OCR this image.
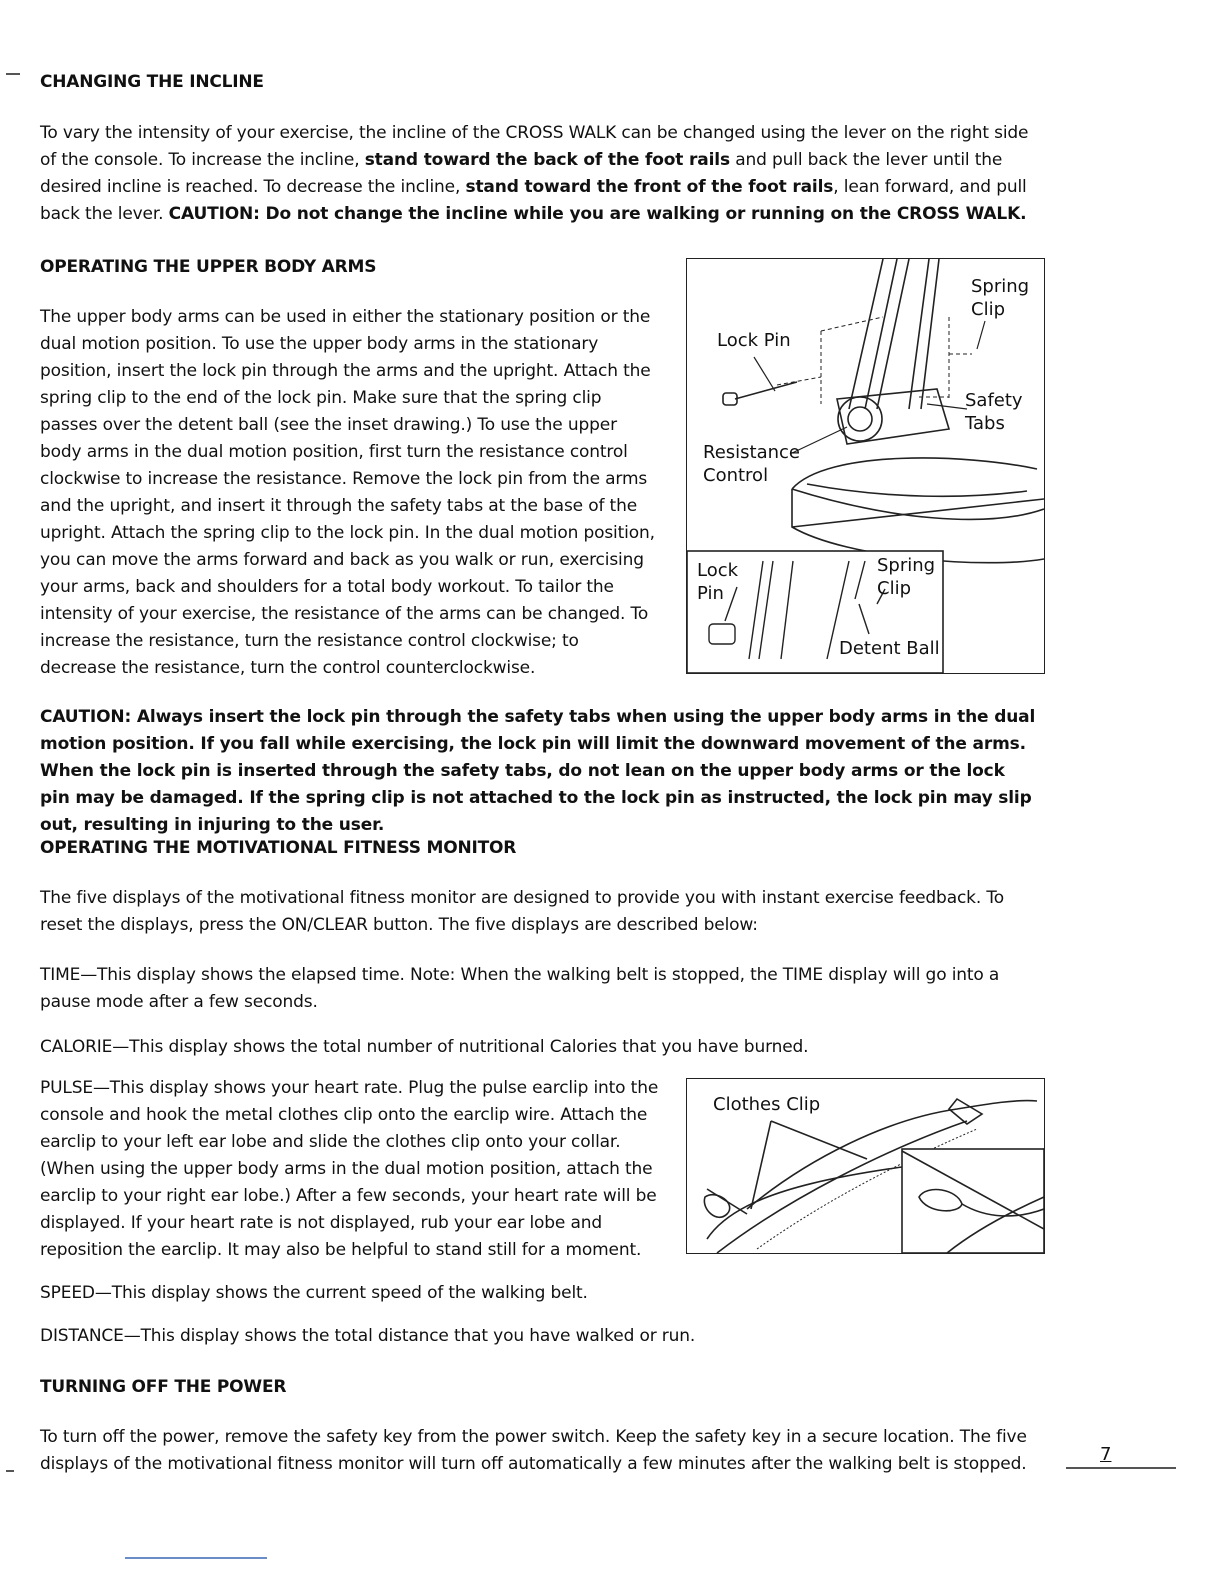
CHANGING THE INCLINE
To vary the intensity of your exercise, the incline of the CROSS WALK can be changed using the lever on the right side of the console. To increase the incline, stand toward the back of the foot rails and pull back the lever until the desired incline is reached. To decrease the incline, stand toward the front of the foot rails, lean forward, and pull back the lever. CAUTION: Do not change the incline while you are walking or running on the CROSS WALK.
OPERATING THE UPPER BODY ARMS
The upper body arms can be used in either the stationary position or the dual motion position. To use the upper body arms in the stationary position, insert the lock pin through the arms and the upright. Attach the spring clip to the end of the lock pin. Make sure that the spring clip passes over the detent ball (see the inset drawing.) To use the upper body arms in the dual motion position, first turn the resistance control clockwise to increase the resistance. Remove the lock pin from the arms and the upright, and insert it through the safety tabs at the base of the upright. Attach the spring clip to the lock pin. In the dual motion position, you can move the arms forward and back as you walk or run, exercising your arms, back and shoulders for a total body workout. To tailor the intensity of your exercise, the resistance of the arms can be changed. To increase the resistance, turn the resistance control clockwise; to decrease the resistance, turn the control counterclockwise.
Spring Clip
Lock Pin
Safety Tabs
Resistance Control
Lock Pin
Spring Clip
Detent Ball
CAUTION: Always insert the lock pin through the safety tabs when using the upper body arms in the dual motion position. If you fall while exercising, the lock pin will limit the downward movement of the arms. When the lock pin is inserted through the safety tabs, do not lean on the upper body arms or the lock pin may be damaged. If the spring clip is not attached to the lock pin as instructed, the lock pin may slip out, resulting in injuring to the user.
OPERATING THE MOTIVATIONAL FITNESS MONITOR
The five displays of the motivational fitness monitor are designed to provide you with instant exercise feedback. To reset the displays, press the ON/CLEAR button. The five displays are described below:
TIME—This display shows the elapsed time. Note: When the walking belt is stopped, the TIME display will go into a pause mode after a few seconds.
CALORIE—This display shows the total number of nutritional Calories that you have burned.
PULSE—This display shows your heart rate. Plug the pulse earclip into the console and hook the metal clothes clip onto the earclip wire. Attach the earclip to your left ear lobe and slide the clothes clip onto your collar. (When using the upper body arms in the dual motion position, attach the earclip to your right ear lobe.) After a few seconds, your heart rate will be displayed. If your heart rate is not displayed, rub your ear lobe and reposition the earclip. It may also be helpful to stand still for a moment.
Clothes Clip
SPEED—This display shows the current speed of the walking belt.
DISTANCE—This display shows the total distance that you have walked or run.
TURNING OFF THE POWER
To turn off the power, remove the safety key from the power switch. Keep the safety key in a secure location. The five displays of the motivational fitness monitor will turn off automatically a few minutes after the walking belt is stopped.	7
